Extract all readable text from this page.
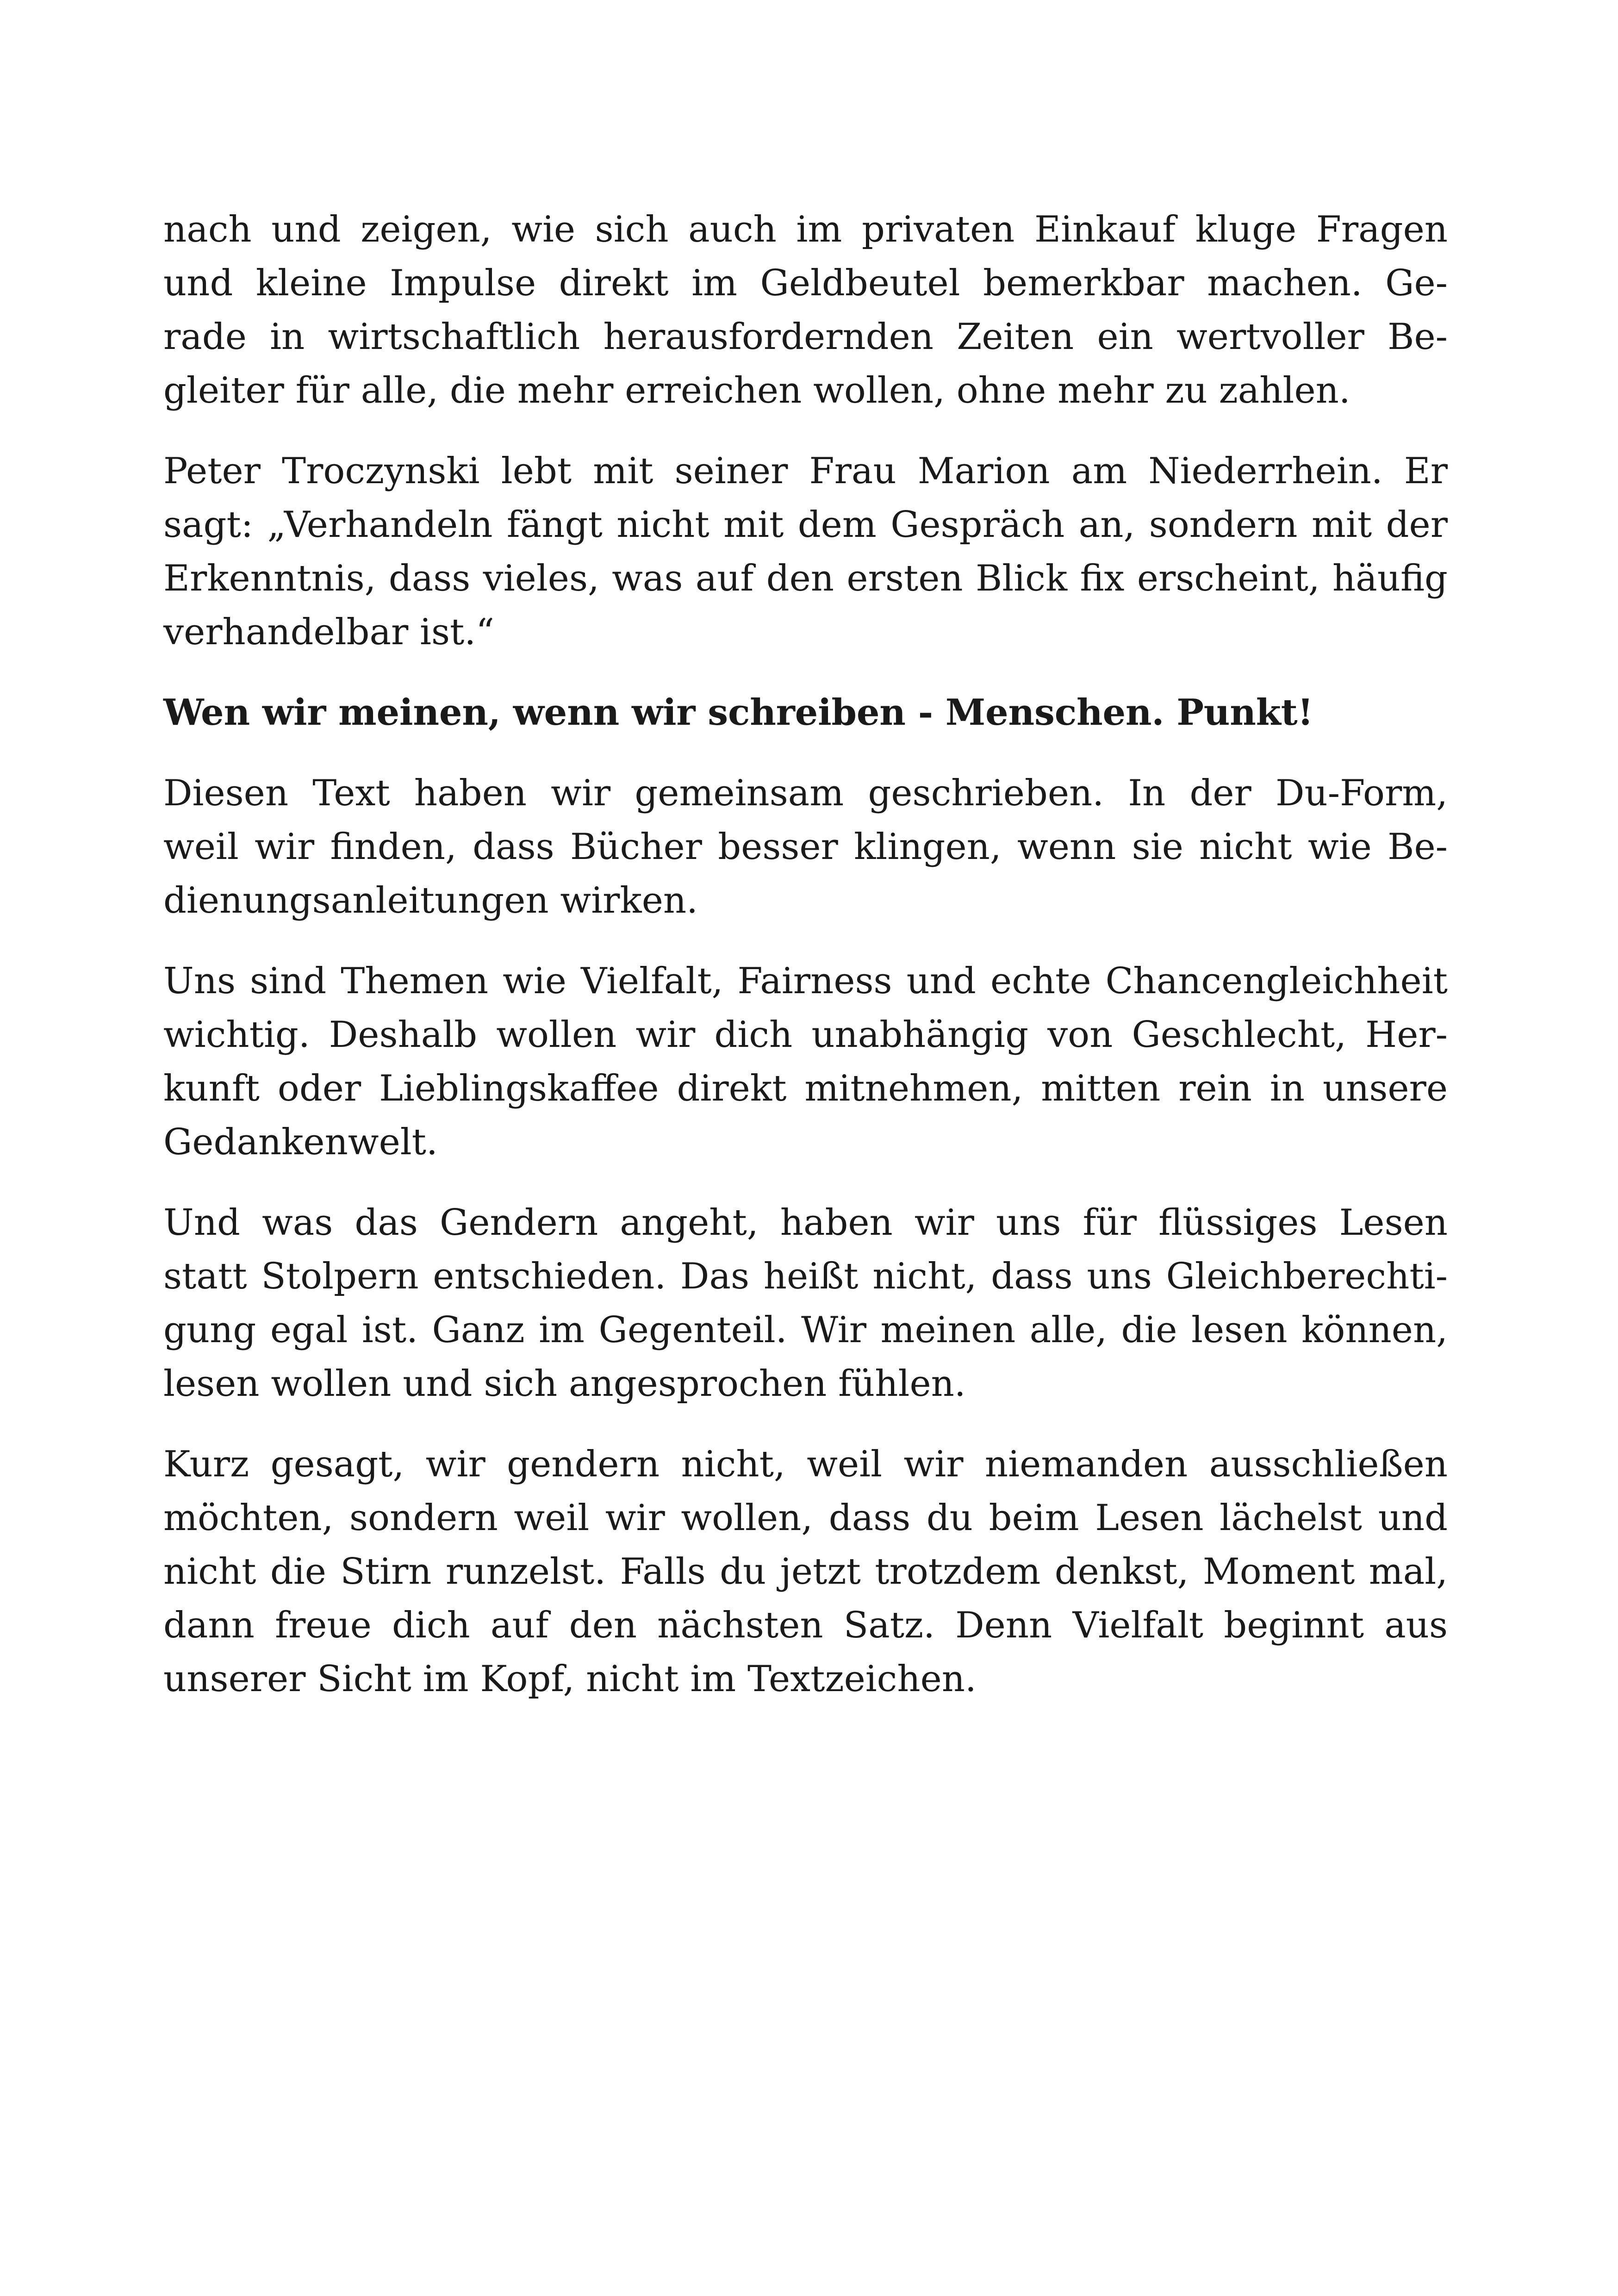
nach und zeigen, wie sich auch im privaten Einkauf kluge Fragen
und kleine Impulse direkt im Geldbeutel bemerkbar machen. Ge-
rade in wirtschaftlich herausfordernden Zeiten ein wertvoller Be-
gleiter für alle, die mehr erreichen wollen, ohne mehr zu zahlen.
Peter Troczynski lebt mit seiner Frau Marion am Niederrhein. Er
sagt: „Verhandeln fängt nicht mit dem Gespräch an, sondern mit der
Erkenntnis, dass vieles, was auf den ersten Blick fix erscheint, häufig
verhandelbar ist.“
Wen wir meinen, wenn wir schreiben - Menschen. Punkt!
Diesen Text haben wir gemeinsam geschrieben. In der Du-Form,
weil wir finden, dass Bücher besser klingen, wenn sie nicht wie Be-
dienungsanleitungen wirken.
Uns sind Themen wie Vielfalt, Fairness und echte Chancengleichheit
wichtig. Deshalb wollen wir dich unabhängig von Geschlecht, Her-
kunft oder Lieblingskaffee direkt mitnehmen, mitten rein in unsere
Gedankenwelt.
Und was das Gendern angeht, haben wir uns für flüssiges Lesen
statt Stolpern entschieden. Das heißt nicht, dass uns Gleichberechti-
gung egal ist. Ganz im Gegenteil. Wir meinen alle, die lesen können,
lesen wollen und sich angesprochen fühlen.
Kurz gesagt, wir gendern nicht, weil wir niemanden ausschließen
möchten, sondern weil wir wollen, dass du beim Lesen lächelst und
nicht die Stirn runzelst. Falls du jetzt trotzdem denkst, Moment mal,
dann freue dich auf den nächsten Satz. Denn Vielfalt beginnt aus
unserer Sicht im Kopf, nicht im Textzeichen.
